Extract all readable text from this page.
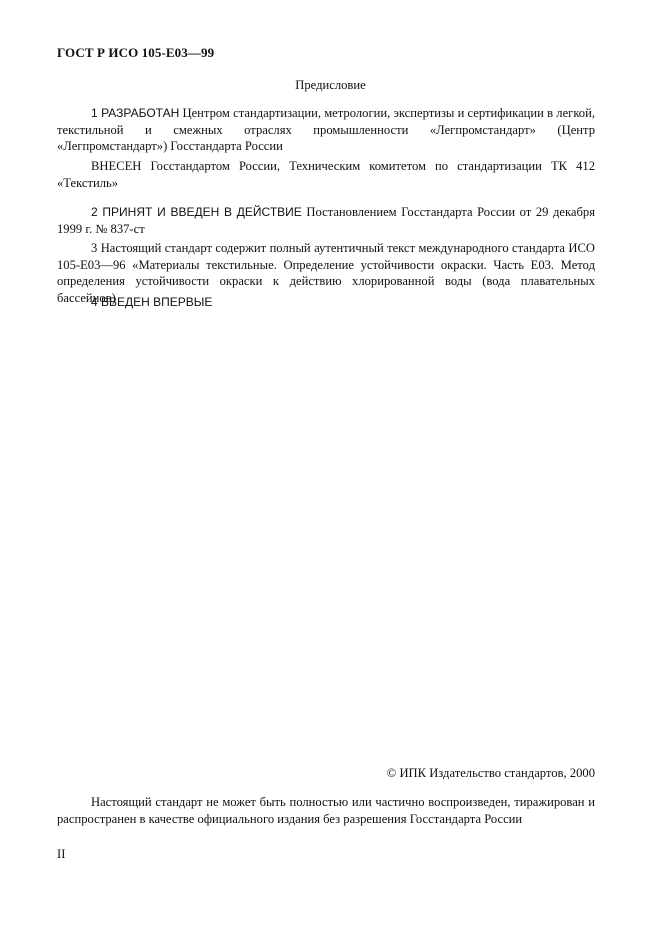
ГОСТ Р ИСО 105-Е03—99
Предисловие

1 РАЗРАБОТАН Центром стандартизации, метрологии, экспертизы и сертификации в легкой, текстильной и смежных отраслях промышленности «Легпромстандарт» (Центр «Легпромстандарт») Госстандарта России

ВНЕСЕН Госстандартом России, Техническим комитетом по стандартизации ТК 412 «Текстиль»

2 ПРИНЯТ И ВВЕДЕН В ДЕЙСТВИЕ Постановлением Госстандарта России от 29 декабря 1999 г. № 837-ст

3 Настоящий стандарт содержит полный аутентичный текст международного стандарта ИСО 105-Е03—96 «Материалы текстильные. Определение устойчивости окраски. Часть Е03. Метод определения устойчивости окраски к действию хлорированной воды (вода плавательных бассейнов)

4 ВВЕДЕН ВПЕРВЫЕ

© ИПК Издательство стандартов, 2000

Настоящий стандарт не может быть полностью или частично воспроизведен, тиражирован и распространен в качестве официального издания без разрешения Госстандарта России

II
